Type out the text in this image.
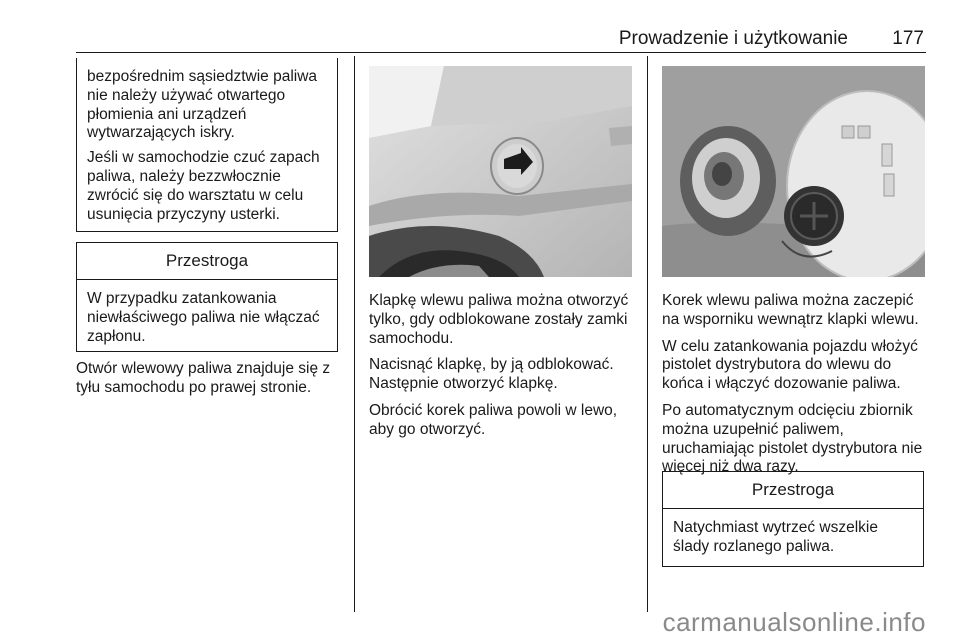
Prowadzenie i użytkowanie 177

bezpośrednim sąsiedztwie paliwa nie należy używać otwartego płomienia ani urządzeń wytwarzających iskry.

Jeśli w samochodzie czuć zapach paliwa, należy bezzwłocznie zwrócić się do warsztatu w celu usunięcia przyczyny usterki.

Przestroga

W przypadku zatankowania niewłaściwego paliwa nie włączać zapłonu.

Otwór wlewowy paliwa znajduje się z tyłu samochodu po prawej stronie.

Klapkę wlewu paliwa można otworzyć tylko, gdy odblokowane zostały zamki samochodu.

Nacisnąć klapkę, by ją odblokować. Następnie otworzyć klapkę.

Obrócić korek paliwa powoli w lewo, aby go otworzyć.

Korek wlewu paliwa można zaczepić na wsporniku wewnątrz klapki wlewu.

W celu zatankowania pojazdu włożyć pistolet dystrybutora do wlewu do końca i włączyć dozowanie paliwa.

Po automatycznym odcięciu zbiornik można uzupełnić paliwem, uruchamiając pistolet dystrybutora nie więcej niż dwa razy.

Przestroga

Natychmiast wytrzeć wszelkie ślady rozlanego paliwa.

carmanualsonline.info
